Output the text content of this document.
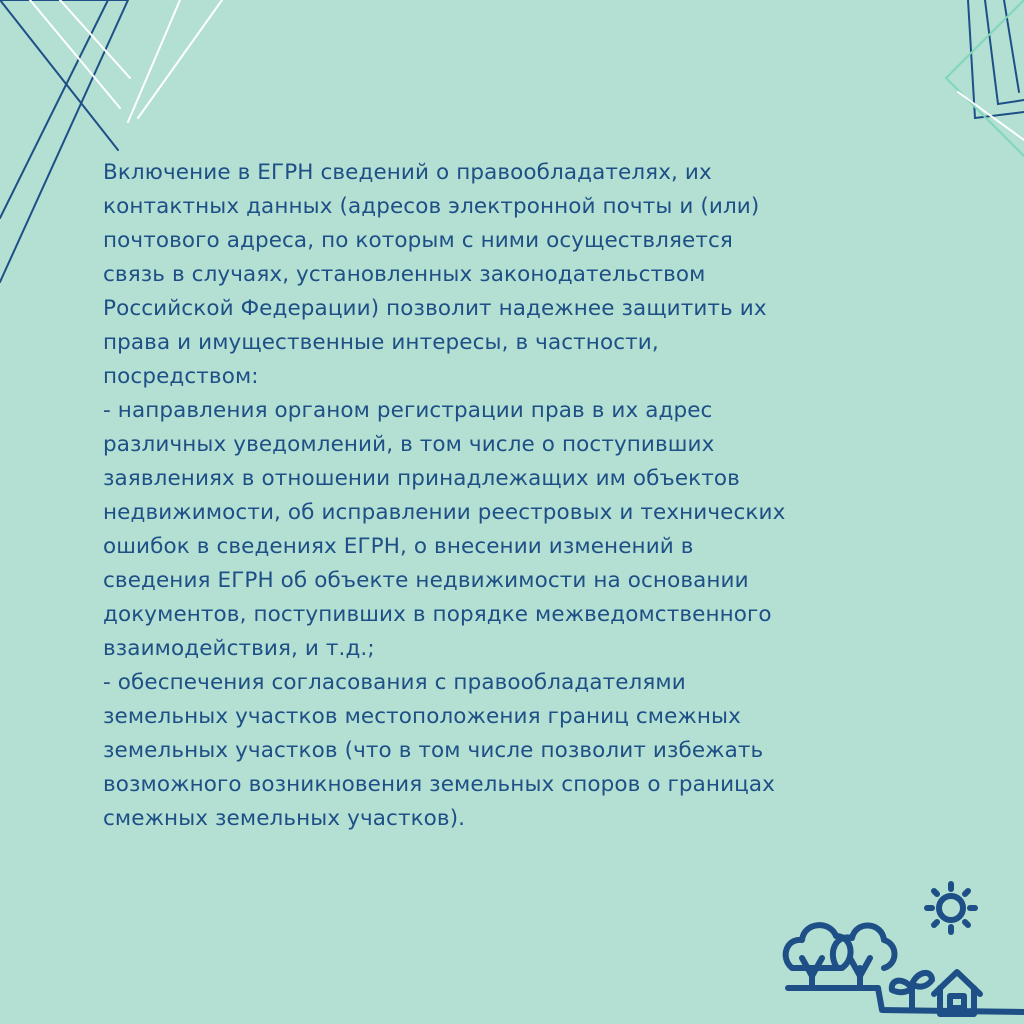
Включение в ЕГРН сведений о правообладателях, их
контактных данных (адресов электронной почты и (или)
почтового адреса, по которым с ними осуществляется
связь в случаях, установленных законодательством
Российской Федерации) позволит надежнее защитить их
права и имущественные интересы, в частности,
посредством:
- направления органом регистрации прав в их адрес
различных уведомлений, в том числе о поступивших
заявлениях в отношении принадлежащих им объектов
недвижимости, об исправлении реестровых и технических
ошибок в сведениях ЕГРН, о внесении изменений в
сведения ЕГРН об объекте недвижимости на основании
документов, поступивших в порядке межведомственного
взаимодействия, и т.д.;
- обеспечения согласования с правообладателями
земельных участков местоположения границ смежных
земельных участков (что в том числе позволит избежать
возможного возникновения земельных споров о границах
смежных земельных участков).
